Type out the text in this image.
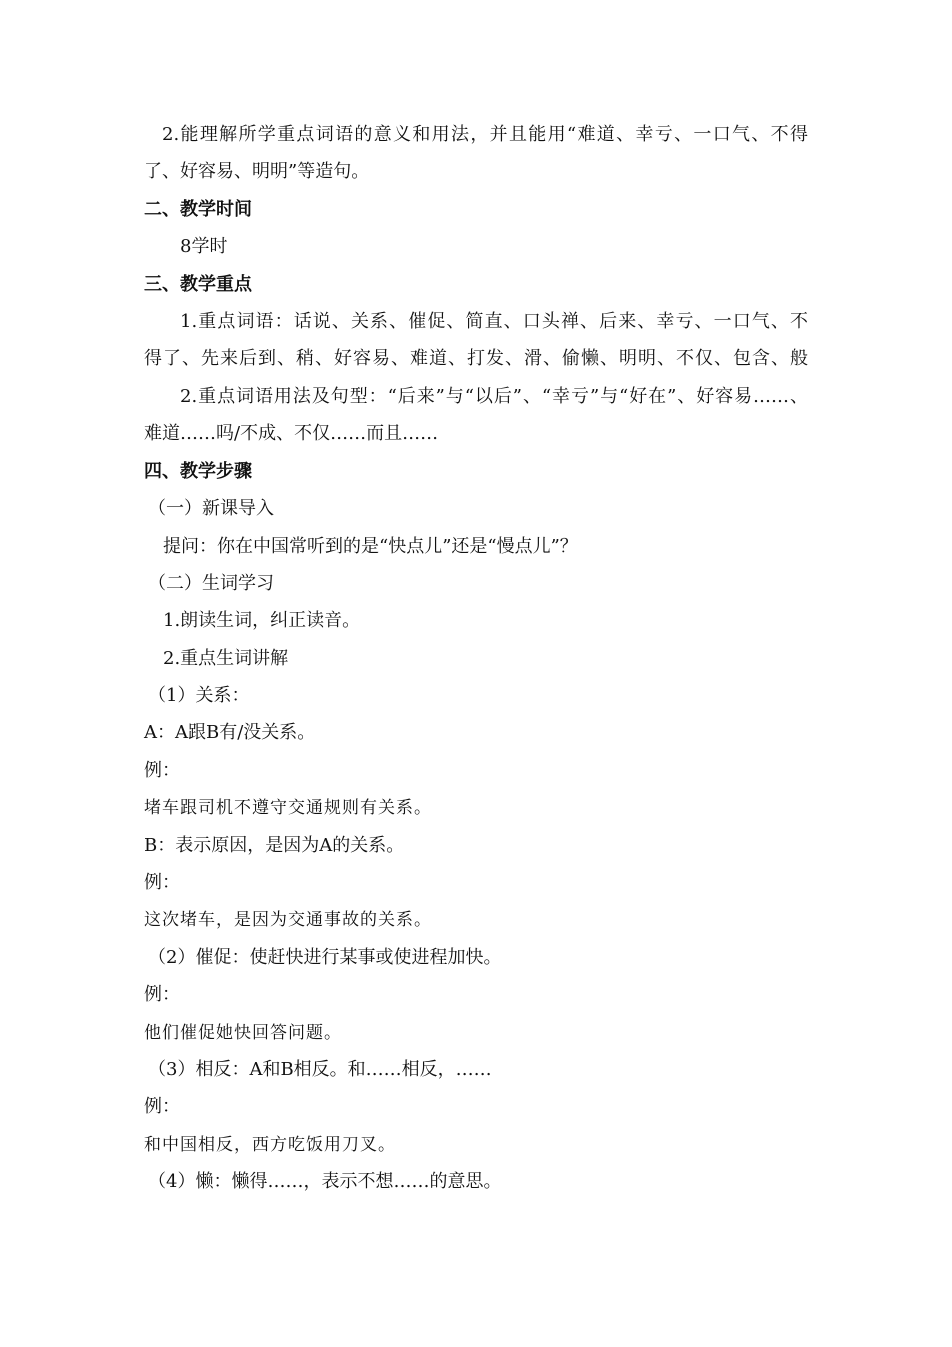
2.能理解所学重点词语的意义和用法，并且能用“难道、幸亏、一口气、不得
了、好容易、明明”等造句。
二、教学时间
8学时
三、教学重点
1.重点词语：话说、关系、催促、简直、口头禅、后来、幸亏、一口气、不
得了、先来后到、稍、好容易、难道、打发、滑、偷懒、明明、不仅、包含、般
2.重点词语用法及句型：“后来”与“以后”、“幸亏”与“好在”、好容易……、
难道……吗/不成、不仅……而且……
四、教学步骤
（一）新课导入
提问：你在中国常听到的是“快点儿”还是“慢点儿”？
（二）生词学习
1.朗读生词，纠正读音。
2.重点生词讲解
（1）关系：
A：A跟B有/没关系。
例：
堵车跟司机不遵守交通规则有关系。
B：表示原因，是因为A的关系。
例：
这次堵车，是因为交通事故的关系。
（2）催促：使赶快进行某事或使进程加快。
例：
他们催促她快回答问题。
（3）相反：A和B相反。和……相反，……
例：
和中国相反，西方吃饭用刀叉。
（4）懒：懒得……，表示不想……的意思。
